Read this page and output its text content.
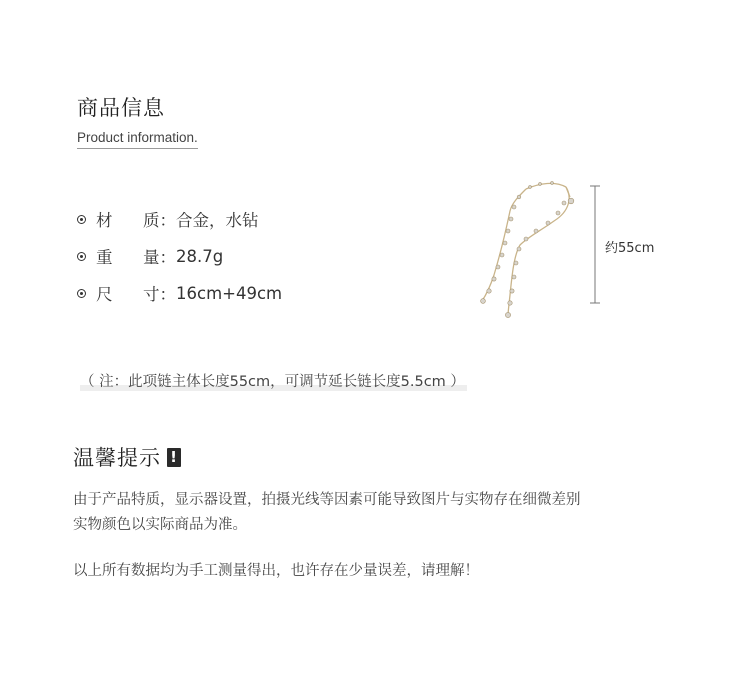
商品信息
Product information.
材 质： 合金，水钻
重 量： 28.7g
尺 寸： 16cm+49cm
约55cm
（ 注：此项链主体长度55cm，可调节延长链长度5.5cm ）
温馨提示 !
由于产品特质，显示器设置，拍摄光线等因素可能导致图片与实物存在细微差别
实物颜色以实际商品为准。
以上所有数据均为手工测量得出，也许存在少量误差，请理解！
